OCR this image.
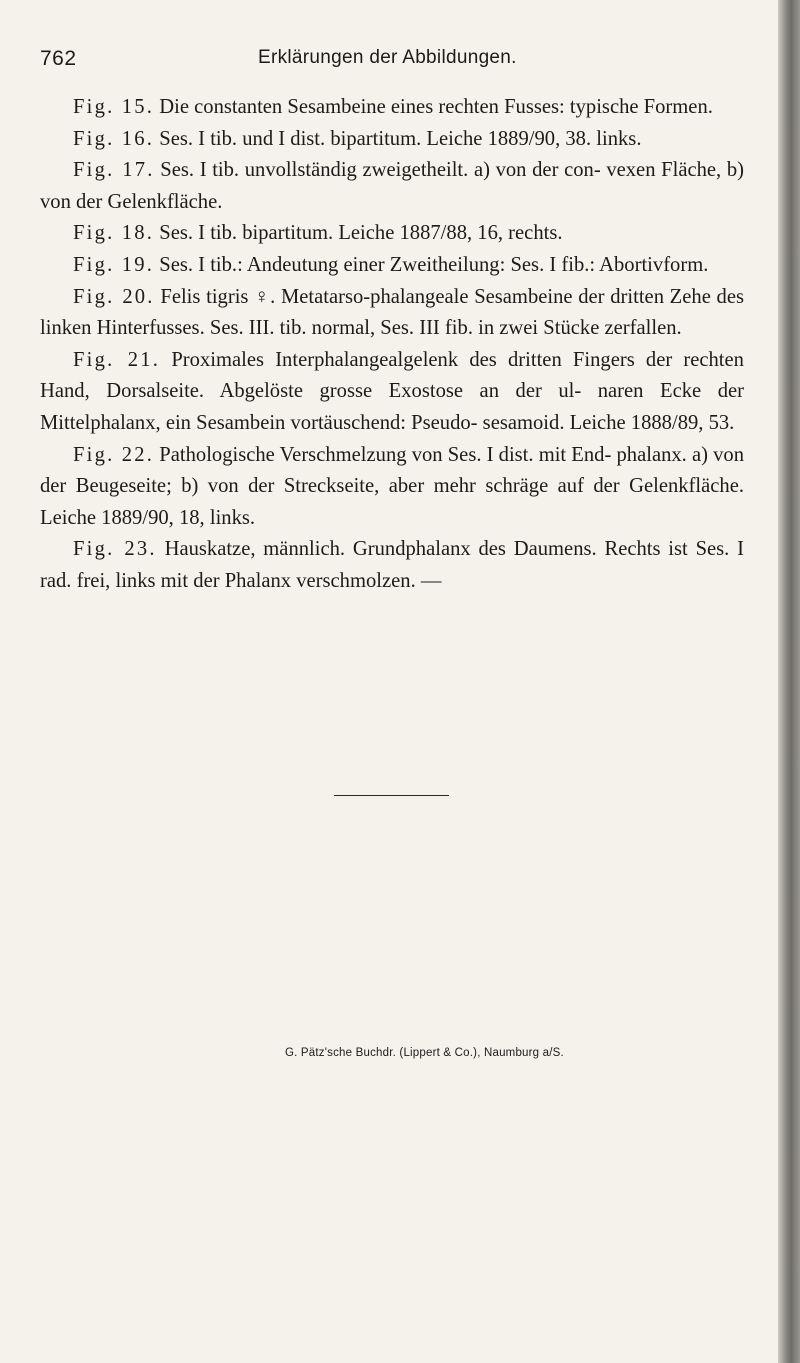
762	Erklärungen der Abbildungen.

Fig. 15. Die constanten Sesambeine eines rechten Fusses: typische Formen.

Fig. 16. Ses. I tib. und I dist. bipartitum. Leiche 1889/90, 38. links.

Fig. 17. Ses. I tib. unvollständig zweigetheilt. a) von der con- vexen Fläche, b) von der Gelenkfläche.

Fig. 18. Ses. I tib. bipartitum. Leiche 1887/88, 16, rechts.

Fig. 19. Ses. I tib.: Andeutung einer Zweitheilung: Ses. I fib.: Abortivform.

Fig. 20. Felis tigris ♀. Metatarso-phalangeale Sesambeine der dritten Zehe des linken Hinterfusses. Ses. III. tib. normal, Ses. III fib. in zwei Stücke zerfallen.

Fig. 21. Proximales Interphalangealgelenk des dritten Fingers der rechten Hand, Dorsalseite. Abgelöste grosse Exostose an der ul- naren Ecke der Mittelphalanx, ein Sesambein vortäuschend: Pseudo- sesamoid. Leiche 1888/89, 53.

Fig. 22. Pathologische Verschmelzung von Ses. I dist. mit End- phalanx. a) von der Beugeseite; b) von der Streckseite, aber mehr schräge auf der Gelenkfläche. Leiche 1889/90, 18, links.

Fig. 23. Hauskatze, männlich. Grundphalanx des Daumens. Rechts ist Ses. I rad. frei, links mit der Phalanx verschmolzen. —

G. Pätz'sche Buchdr. (Lippert & Co.), Naumburg a/S.
